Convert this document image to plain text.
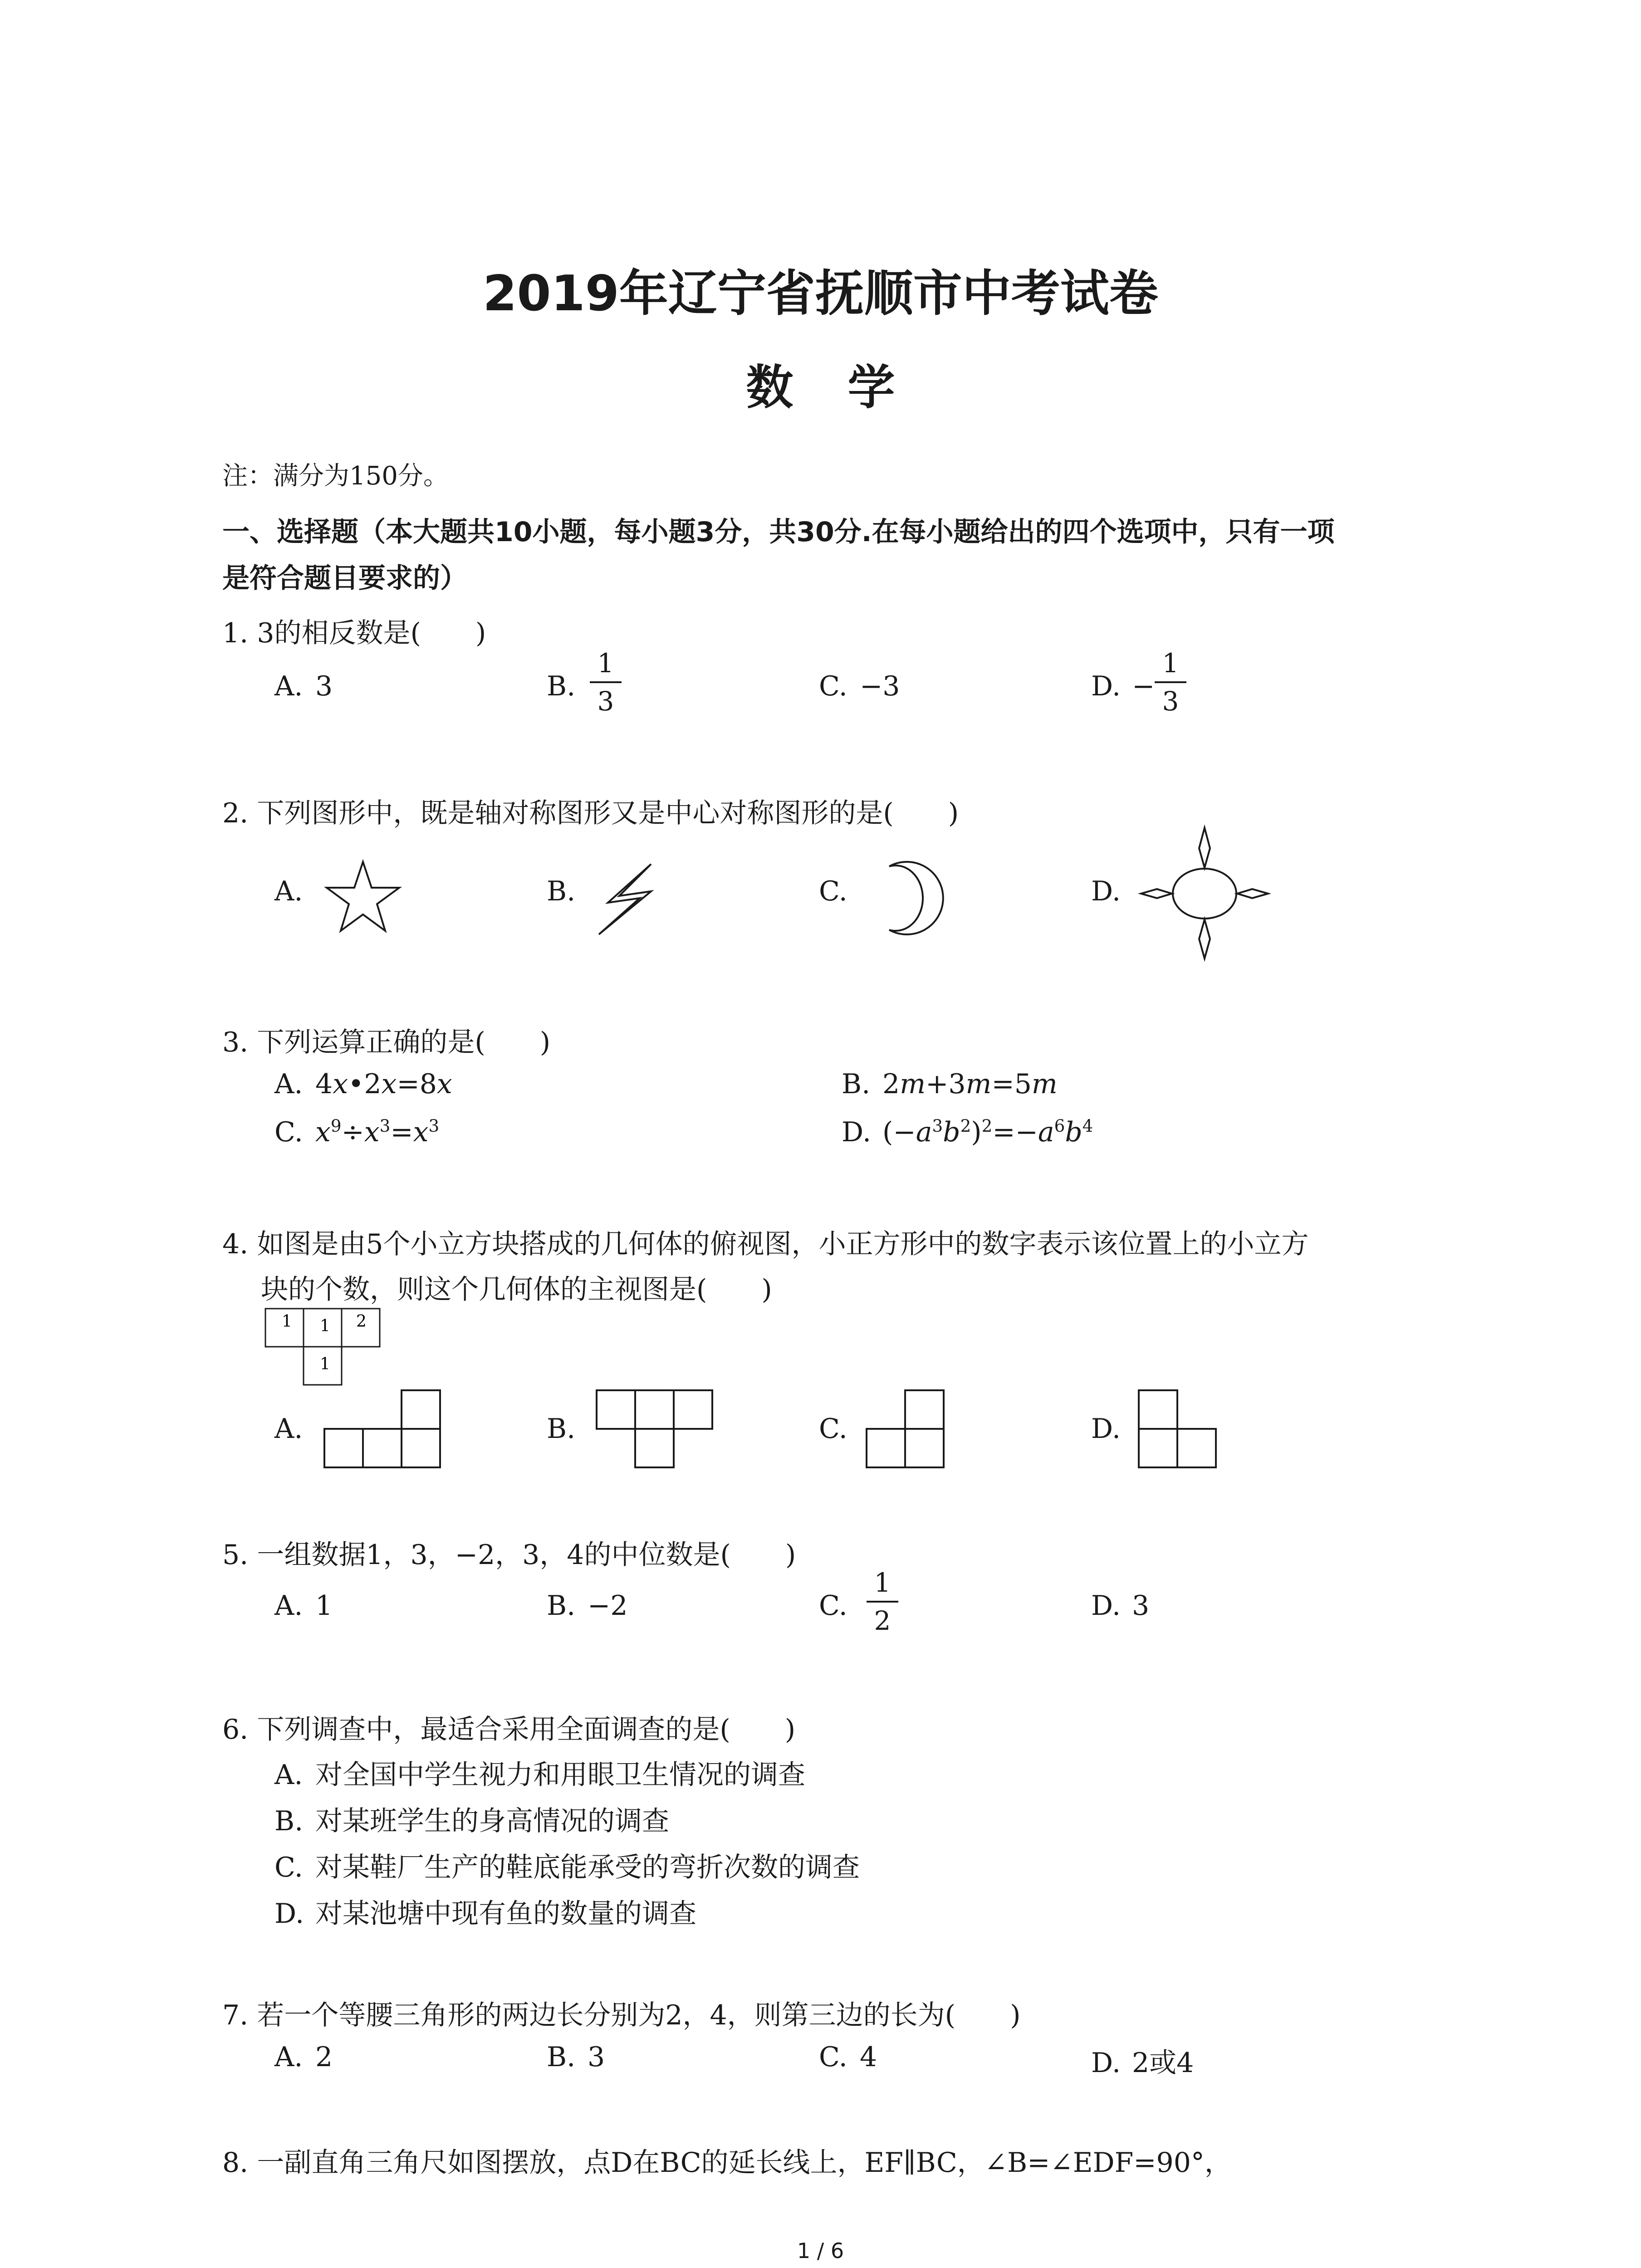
2019年辽宁省抚顺市中考试卷
数学
注：满分为150分。
一、选择题（本大题共10小题，每小题3分，共30分.在每小题给出的四个选项中，只有一项
是符合题目要求的）
1. 3的相反数是(　　)
A. 3	B.
1
3	C. −3	D. −
1
3
2. 下列图形中，既是轴对称图形又是中心对称图形的是(　　)
A.	B.	C.	D.
3. 下列运算正确的是(　　)
A. 4x•2x=8x	B. 2m+3m=5m
C. $x^9\div x^3=x^3$	D. $(-a^3b^2)^2=-a^6b^4$
4. 如图是由5个小立方块搭成的几何体的俯视图，小正方形中的数字表示该位置上的小立方
块的个数，则这个几何体的主视图是(　　)
1 1 2
1
A.	B.	C.	D.
5. 一组数据1，3，−2，3，4的中位数是(　　)
A. 1	B. −2	C.
1
2	D. 3
6. 下列调查中，最适合采用全面调查的是(　　)
A. 对全国中学生视力和用眼卫生情况的调查
B. 对某班学生的身高情况的调查
C. 对某鞋厂生产的鞋底能承受的弯折次数的调查
D. 对某池塘中现有鱼的数量的调查
7. 若一个等腰三角形的两边长分别为2，4，则第三边的长为(　　)
A. 2	B. 3	C. 4	D. 2或4
8. 一副直角三角尺如图摆放，点D在BC的延长线上，EF∥BC，∠B=∠EDF=90°，
1 / 6
